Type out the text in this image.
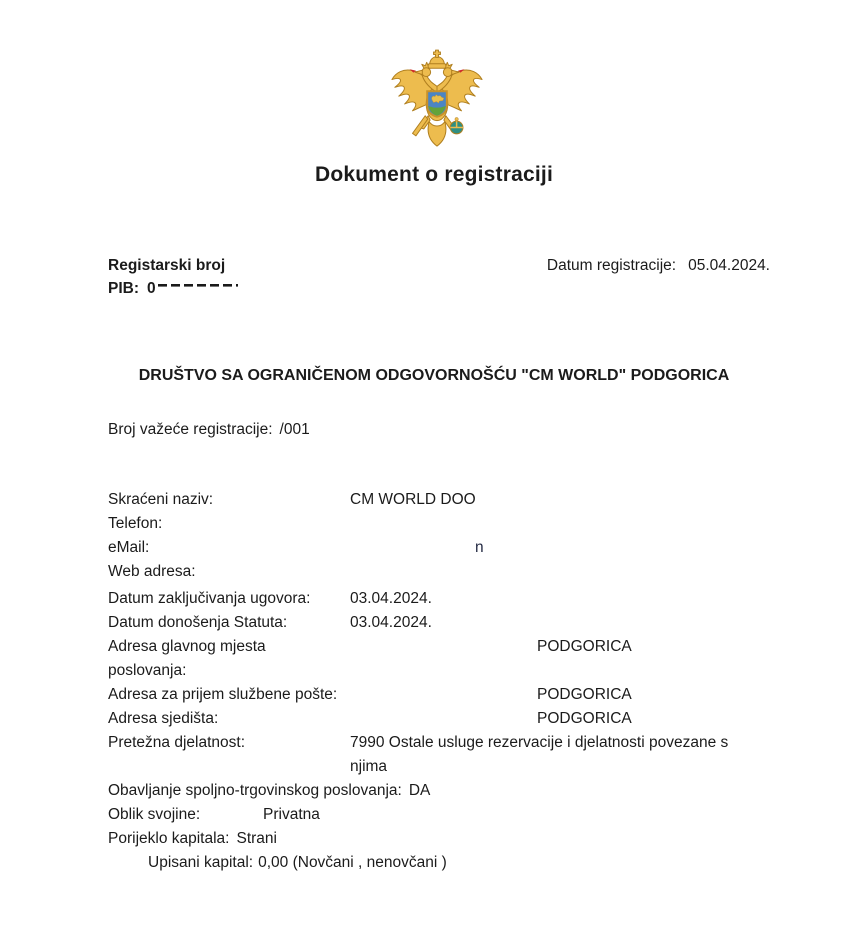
Dokument o registraciji
Registarski broj
PIB: 0
Datum registracije: 05.04.2024.
DRUŠTVO SA OGRANIČENOM ODGOVORNOŠĆU "CM WORLD" PODGORICA
Broj važeće registracije: /001
Skraćeni naziv:	CM WORLD DOO
Telefon:
eMail:	n
Web adresa:
Datum zaključivanja ugovora:	03.04.2024.
Datum donošenja Statuta:	03.04.2024.
Adresa glavnog mjesta poslovanja:
PODGORICA
Adresa za prijem službene pošte:	PODGORICA
Adresa sjedišta:	PODGORICA
Pretežna djelatnost:	7990 Ostale usluge rezervacije i djelatnosti povezane s njima
Obavljanje spoljno-trgovinskog poslovanja: DA
Oblik svojine:	Privatna
Porijeklo kapitala: Strani
Upisani kapital: 0,00 (Novčani , nenovčani )
